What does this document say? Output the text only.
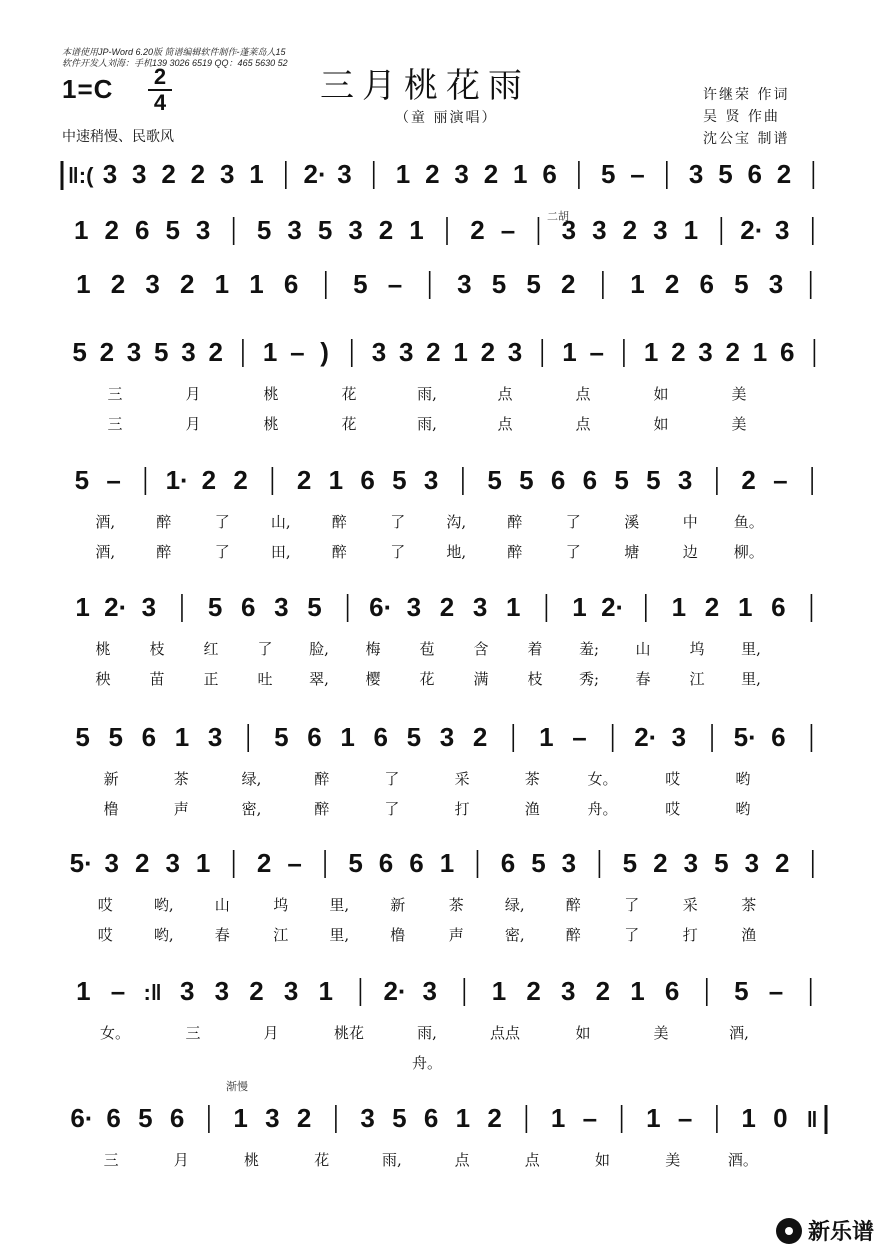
本谱使用JP-Word 6.20版 简谱编辑软件制作-蓬莱岛人15
软件开发人刘海：手机139 3026 6519 QQ：465 5630 52
1=C 2
4	三月桃花雨
（童 丽演唱）
许继荣 作词
吴 贤 作曲
沈公宝 制谱
中速稍慢、民歌风
二胡
渐慢
‖:( 3 3 2 2 3 1 2· 3 1 2 3 2 1 6 5 – 3 5 6 2
1 2 6 5 3 5 3 5 3 2 1 2 – 3 3 2 3 1 2· 3
1 2 3 2 1 1 6 5 – 3 5 5 2 1 2 6 5 3
5 2 3 5 3 2 1 – ) 3 3 2 1 2 3 1 – 1 2 3 2 1 6
三	月	桃	花	雨,	点	点	如	美
三	月	桃	花	雨,	点	点	如	美
5 – 1· 2 2 2 1 6 5 3 5 5 6 6 5 5 3 2 –
酒,	醉	了	山,	醉	了	沟,	醉	了	溪	中 鱼。
酒,	醉	了	田,	醉	了	地,	醉	了	塘	边 柳。
1 2· 3 5 6 3 5 6· 3 2 3 1 1 2· 1 2 1 6
桃	枝	红	了 脸, 梅	苞	含	着 羞; 山	坞 里,
秧	苗	正	吐 翠, 樱	花	满	枝 秀; 春	江 里,
5 5 6 1 3 5 6 1 6 5 3 2 1 – 2· 3 5· 6
新	茶	绿,	醉	了	采	茶	女。	哎	哟
橹	声	密,	醉	了	打	渔	舟。	哎	哟
5· 3 2 3 1 2 – 5 6 6 1 6 5 3 5 2 3 5 3 2
哎	哟,	山	坞	里,	新	茶	绿,	醉	了	采	茶
哎	哟,	春	江	里,	橹	声	密,	醉	了	打	渔
1 – :‖ 3 3 2 3 1 2· 3 1 2 3 2 1 6 5 –
女。	三	月	桃花	雨,	点点	如	美	酒,
舟。
6· 6 5 6 1 3 2 3 5 6 1 2 1 – 1 – 1 0 ‖
三	月	桃	花	雨,	点	点	如	美	酒。
新乐谱
